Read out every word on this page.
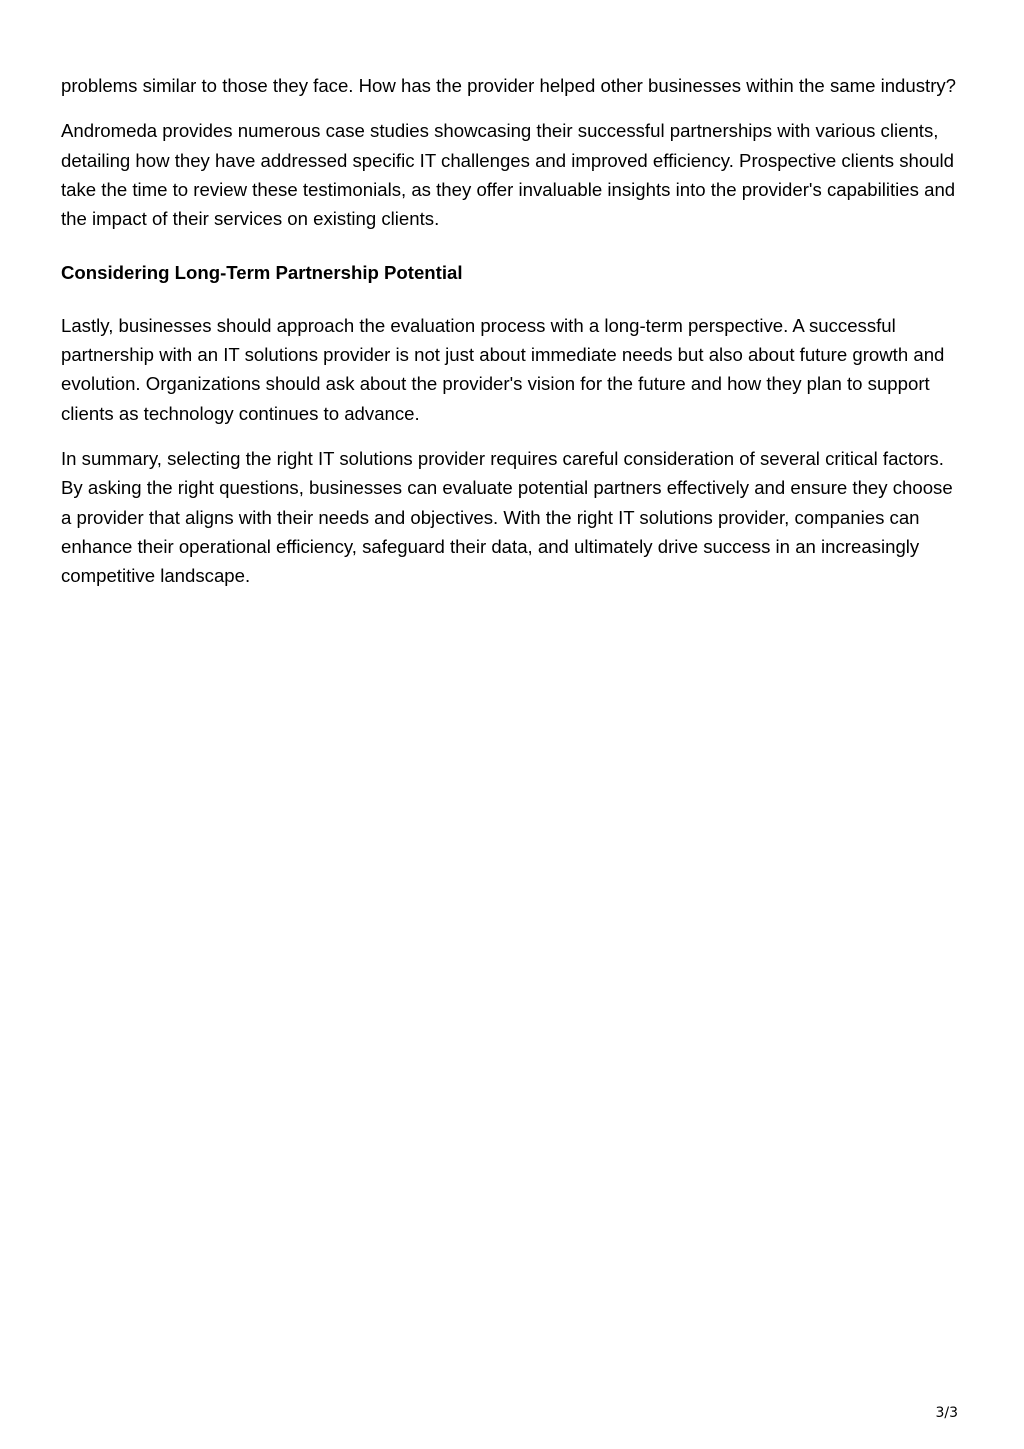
problems similar to those they face. How has the provider helped other businesses within the same industry?

Andromeda provides numerous case studies showcasing their successful partnerships with various clients, detailing how they have addressed specific IT challenges and improved efficiency. Prospective clients should take the time to review these testimonials, as they offer invaluable insights into the provider's capabilities and the impact of their services on existing clients.

Considering Long-Term Partnership Potential

Lastly, businesses should approach the evaluation process with a long-term perspective. A successful partnership with an IT solutions provider is not just about immediate needs but also about future growth and evolution. Organizations should ask about the provider's vision for the future and how they plan to support clients as technology continues to advance.

In summary, selecting the right IT solutions provider requires careful consideration of several critical factors. By asking the right questions, businesses can evaluate potential partners effectively and ensure they choose a provider that aligns with their needs and objectives. With the right IT solutions provider, companies can enhance their operational efficiency, safeguard their data, and ultimately drive success in an increasingly competitive landscape.

3/3
